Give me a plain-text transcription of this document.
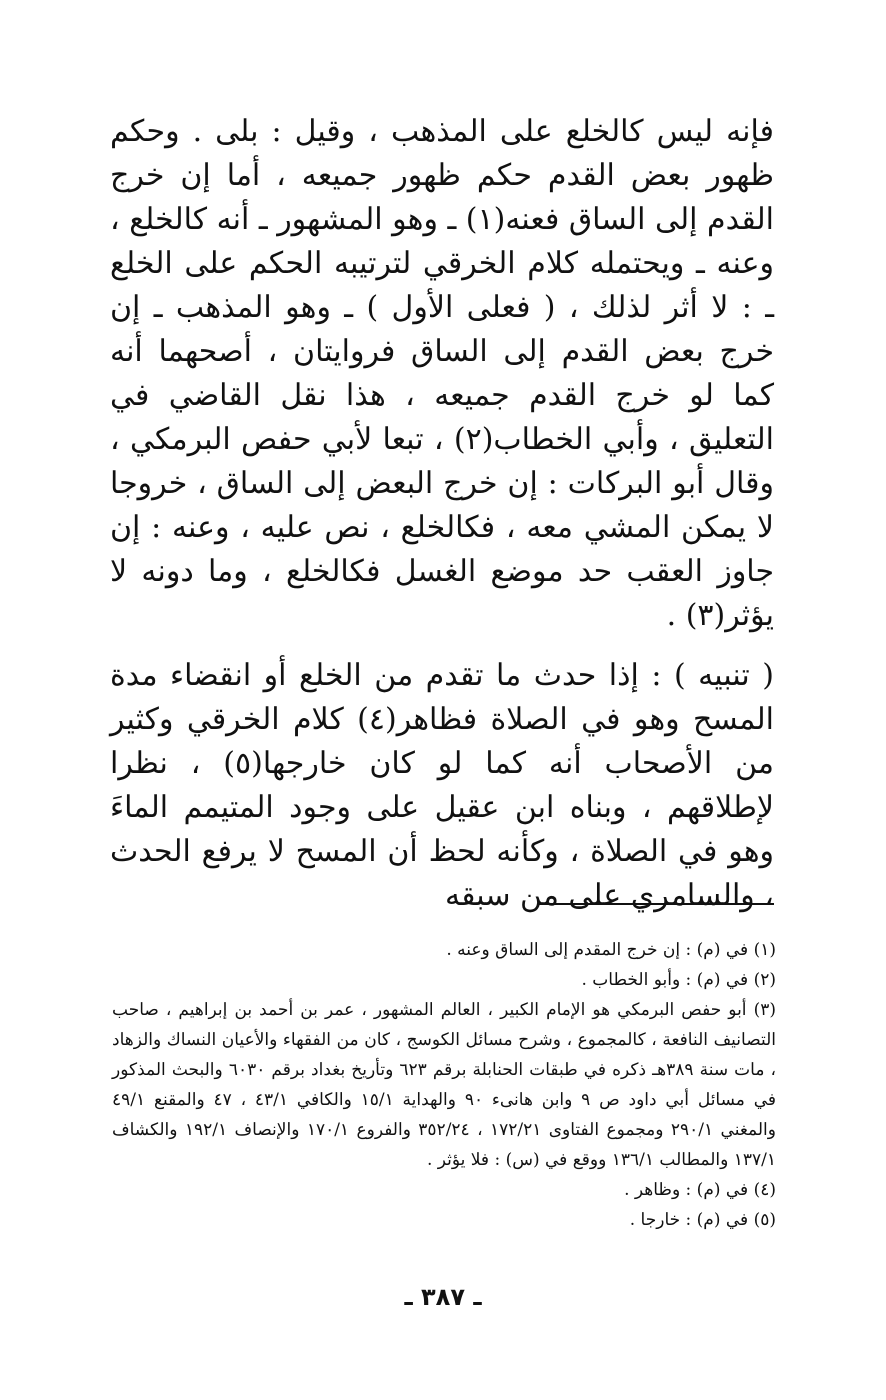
فإنه ليس كالخلع على المذهب ، وقيل : بلى . وحكم ظهور بعض القدم حكم ظهور جميعه ، أما إن خرج القدم إلى الساق فعنه(١) ـ وهو المشهور ـ أنه كالخلع ، وعنه ـ ويحتمله كلام الخرقي لترتيبه الحكم على الخلع ـ : لا أثر لذلك ، ( فعلى الأول ) ـ وهو المذهب ـ إن خرج بعض القدم إلى الساق فروايتان ، أصحهما أنه كما لو خرج القدم جميعه ، هذا نقل القاضي في التعليق ، وأبي الخطاب(٢) ، تبعا لأبي حفص البرمكي ، وقال أبو البركات : إن خرج البعض إلى الساق ، خروجا لا يمكن المشي معه ، فكالخلع ، نص عليه ، وعنه : إن جاوز العقب حد موضع الغسل فكالخلع ، وما دونه لا يؤثر(٣) .

( تنبيه ) : إذا حدث ما تقدم من الخلع أو انقضاء مدة المسح وهو في الصلاة فظاهر(٤) كلام الخرقي وكثير من الأصحاب أنه كما لو كان خارجها(٥) ، نظرا لإطلاقهم ، وبناه ابن عقيل على وجود المتيمم الماءَ وهو في الصلاة ، وكأنه لحظ أن المسح لا يرفع الحدث ، والسامري على من سبقه

(١) في (م) : إن خرج المقدم إلى الساق وعنه .

(٢) في (م) : وأبو الخطاب .

(٣) أبو حفص البرمكي هو الإمام الكبير ، العالم المشهور ، عمر بن أحمد بن إبراهيم ، صاحب التصانيف النافعة ، كالمجموع ، وشرح مسائل الكوسج ، كان من الفقهاء والأعيان النساك والزهاد ، مات سنة ٣٨٩هـ ذكره في طبقات الحنابلة برقم ٦٢٣ وتأريخ بغداد برقم ٦٠٣٠ والبحث المذكور في مسائل أبي داود ص ٩ وابن هانىء ٩٠ والهداية ١٥/١ والكافي ٤٣/١ ، ٤٧ والمقنع ٤٩/١ والمغني ٢٩٠/١ ومجموع الفتاوى ١٧٢/٢١ ، ٣٥٢/٢٤ والفروع ١٧٠/١ والإنصاف ١٩٢/١ والكشاف ١٣٧/١ والمطالب ١٣٦/١ ووقع في (س) : فلا يؤثر .

(٤) في (م) : وظاهر .

(٥) في (م) : خارجا .

ـ ٣٨٧ ـ
